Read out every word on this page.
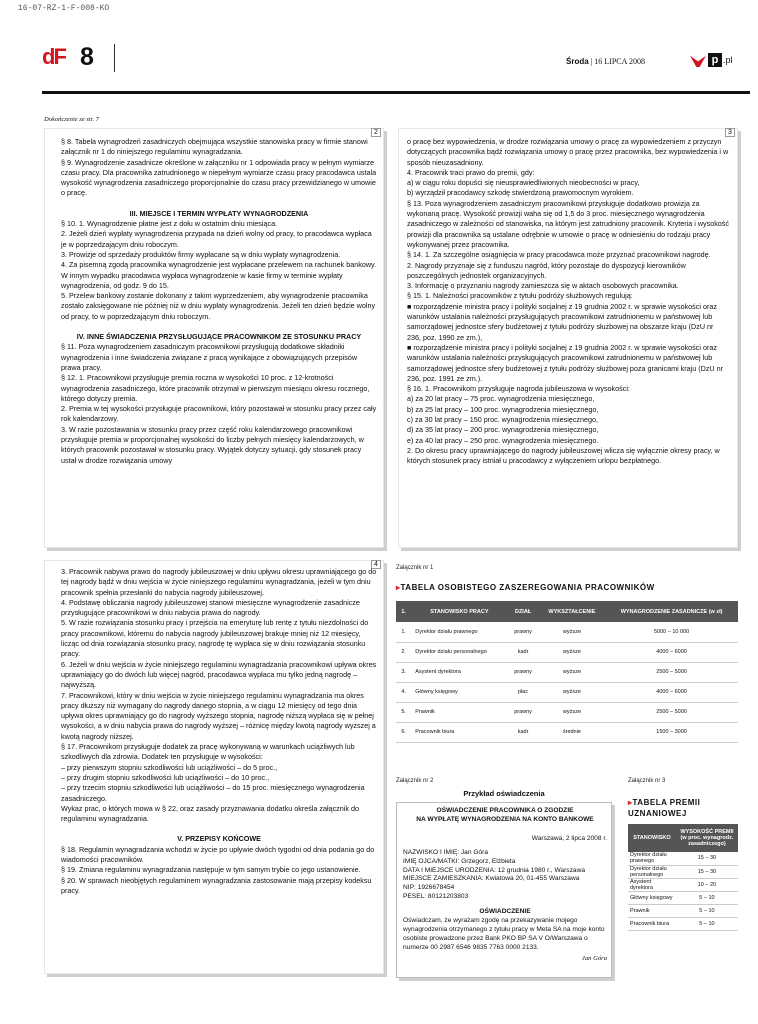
16-07-RZ-1-F-008-KO
dF 8	Środa | 16 LIPCA 2008	p .pl
Dokończenie ze str. 7
2

§ 8. Tabela wynagrodzeń zasadniczych obejmująca wszystkie stanowiska pracy w firmie stanowi załącznik nr 1 do niniejszego regulaminu wynagradzania.

§ 9. Wynagrodzenie zasadnicze określone w załączniku nr 1 odpowiada pracy w pełnym wymiarze czasu pracy. Dla pracownika zatrudnionego w niepełnym wymiarze czasu pracy pracodawca ustala wysokość wynagrodzenia zasadniczego proporcjonalnie do czasu pracy przewidzianego w umowie o pracę.

III. MIEJSCE I TERMIN WYPŁATY WYNAGRODZENIA

§ 10. 1. Wynagrodzenie płatne jest z dołu w ostatnim dniu miesiąca.

2. Jeżeli dzień wypłaty wynagrodzenia przypada na dzień wolny od pracy, to pracodawca wypłaca je w poprzedzającym dniu roboczym.

3. Prowizje od sprzedaży produktów firmy wypłacane są w dniu wypłaty wynagrodzenia.

4. Za pisemną zgodą pracownika wynagrodzenie jest wypłacane przelewem na rachunek bankowy. W innym wypadku pracodawca wypłaca wynagrodzenie w kasie firmy w terminie wypłaty wynagrodzenia, od godz. 9 do 15.

5. Przelew bankowy zostanie dokonany z takim wyprzedzeniem, aby wynagrodzenie pracownika zostało zaksięgowane nie później niż w dniu wypłaty wynagrodzenia. Jeżeli ten dzień będzie wolny od pracy, to w poprzedzającym dniu roboczym.

IV. INNE ŚWIADCZENIA PRZYSŁUGUJĄCE PRACOWNIKOM ZE STOSUNKU PRACY

§ 11. Poza wynagrodzeniem zasadniczym pracownikowi przysługują dodatkowe składniki wynagrodzenia i inne świadczenia związane z pracą wynikające z obowiązujących przepisów prawa pracy.

§ 12. 1. Pracownikowi przysługuje premia roczna w wysokości 10 proc. z 12-krotności wynagrodzenia zasadniczego, które pracownik otrzymał w pierwszym miesiącu okresu rocznego, którego dotyczy premia.

2. Premia w tej wysokości przysługuje pracownikowi, który pozostawał w stosunku pracy przez cały rok kalendarzowy.

3. W razie pozostawania w stosunku pracy przez część roku kalendarzowego pracownikowi przysługuje premia w proporcjonalnej wysokości do liczby pełnych miesięcy kalendarzowych, w których pracownik pozostawał w stosunku pracy. Wyjątek dotyczy sytuacji, gdy stosunek pracy ustał w drodze rozwiązania umowy

3

o pracę bez wypowiedzenia, w drodze rozwiązania umowy o pracę za wypowiedzeniem z przyczyn dotyczących pracownika bądź rozwiązania umowy o pracę przez pracownika, bez wypowiedzenia i w sposób nieuzasadniony.

4. Pracownik traci prawo do premii, gdy:

a) w ciągu roku dopuści się nieusprawiedliwionych nieobecności w pracy,

b) wyrządził pracodawcy szkodę stwierdzoną prawomocnym wyrokiem.

§ 13. Poza wynagrodzeniem zasadniczym pracownikowi przysługuje dodatkowo prowizja za wykonaną pracę. Wysokość prowizji waha się od 1,5 do 3 proc. miesięcznego wynagrodzenia zasadniczego w zależności od stanowiska, na którym jest zatrudniony pracownik. Kryteria i wysokość prowizji dla pracownika są ustalane odrębnie w umowie o pracę w odniesieniu do rodzaju pracy wykonywanej przez pracownika.

§ 14. 1. Za szczególne osiągnięcia w pracy pracodawca może przyznać pracownikowi nagrodę.

2. Nagrody przyznaje się z funduszu nagród, który pozostaje do dyspozycji kierowników poszczególnych jednostek organizacyjnych.

3. Informację o przyznaniu nagrody zamieszcza się w aktach osobowych pracownika.

§ 15. 1. Należności pracowników z tytułu podróży służbowych regulują:

■ rozporządzenie ministra pracy i polityki socjalnej z 19 grudnia 2002 r. w sprawie wysokości oraz warunków ustalania należności przysługujących pracownikowi zatrudnionemu w państwowej lub samorządowej jednostce sfery budżetowej z tytułu podróży służbowej na obszarze kraju (DzU nr 236, poz. 1990 ze zm.),

■ rozporządzenie ministra pracy i polityki socjalnej z 19 grudnia 2002 r. w sprawie wysokości oraz warunków ustalania należności przysługujących pracownikowi zatrudnionemu w państwowej lub samorządowej jednostce sfery budżetowej z tytułu podróży służbowej poza granicami kraju (DzU nr 236, poz. 1991 ze zm.).

§ 16. 1. Pracownikom przysługuje nagroda jubileuszowa w wysokości:

a) za 20 lat pracy – 75 proc. wynagrodzenia miesięcznego,

b) za 25 lat pracy – 100 proc. wynagrodzenia miesięcznego,

c) za 30 lat pracy – 150 proc. wynagrodzenia miesięcznego,

d) za 35 lat pracy – 200 proc. wynagrodzenia miesięcznego,

e) za 40 lat pracy – 250 proc. wynagrodzenia miesięcznego.

2. Do okresu pracy uprawniającego do nagrody jubileuszowej wlicza się wyłącznie okresy pracy, w których stosunek pracy istniał u pracodawcy z wyłączeniem urlopu bezpłatnego.

4

3. Pracownik nabywa prawo do nagrody jubileuszowej w dniu upływu okresu uprawniającego go do tej nagrody bądź w dniu wejścia w życie niniejszego regulaminu wynagradzania, jeżeli w tym dniu pracownik spełnia przesłanki do nabycia nagrody jubileuszowej.

4. Podstawę obliczania nagrody jubileuszowej stanowi miesięczne wynagrodzenie zasadnicze przysługujące pracownikowi w dniu nabycia prawa do nagrody.

5. W razie rozwiązania stosunku pracy i przejścia na emeryturę lub rentę z tytułu niezdolności do pracy pracownikowi, któremu do nabycia nagrody jubileuszowej brakuje mniej niż 12 miesięcy, licząc od dnia rozwiązania stosunku pracy, nagrodę tę wypłaca się w dniu rozwiązania stosunku pracy.

6. Jeżeli w dniu wejścia w życie niniejszego regulaminu wynagradzania pracownikowi upływa okres uprawniający go do dwóch lub więcej nagród, pracodawca wypłaca mu tylko jedną nagrodę – najwyższą.

7. Pracownikowi, który w dniu wejścia w życie niniejszego regulaminu wynagradzania ma okres pracy dłuższy niż wymagany do nagrody danego stopnia, a w ciągu 12 miesięcy od tego dnia upływa okres uprawniający go do nagrody wyższego stopnia, nagrodę niższą wypłaca się w pełnej wysokości, a w dniu nabycia prawa do nagrody wyższej – różnicę między kwotą nagrody wyższej a kwotą nagrody niższej.

§ 17. Pracownikom przysługuje dodatek za pracę wykonywaną w warunkach uciążliwych lub szkodliwych dla zdrowia. Dodatek ten przysługuje w wysokości:

– przy pierwszym stopniu szkodliwości lub uciążliwości – do 5 proc.,

– przy drugim stopniu szkodliwości lub uciążliwości – do 10 proc.,

– przy trzecim stopniu szkodliwości lub uciążliwości – do 15 proc. miesięcznego wynagrodzenia zasadniczego.

Wykaz prac, o których mowa w § 22, oraz zasady przyznawania dodatku określa załącznik do regulaminu wynagradzania.

V. PRZEPISY KOŃCOWE

§ 18. Regulamin wynagradzania wchodzi w życie po upływie dwóch tygodni od dnia podania go do wiadomości pracowników.

§ 19. Zmiana regulaminu wynagradzania następuje w tym samym trybie co jego ustanowienie.

§ 20. W sprawach nieobjętych regulaminem wynagradzania zastosowanie mają przepisy kodeksu pracy.

Załącznik nr 1
▸TABELA OSOBISTEGO ZASZEREGOWANIA PRACOWNIKÓW
1.	STANOWISKO PRACY	DZIAŁ	WYKSZTAŁCENIE	WYNAGRODZENIE ZASADNICZE (w zł)
1.	Dyrektor działu prawnego	prawny	wyższe	5000 – 10 000
2.	Dyrektor działu personalnego	kadr	wyższe	4000 – 6000
3.	Asystent dyrektora	prawny	wyższe	2500 – 5000
4.	Główny księgowy	płac	wyższe	4000 – 6000
5.	Prawnik	prawny	wyższe	2500 – 5000
6.	Pracownik biura	kadr	średnie	1500 – 3000
Załącznik nr 2
Przykład oświadczenia
OŚWIADCZENIE PRACOWNIKA O ZGODZIE
NA WYPŁATĘ WYNAGRODZENIA NA KONTO BANKOWE
Warszawa, 2 lipca 2008 r.
NAZWISKO I IMIĘ: Jan Góra
IMIĘ OJCA/MATKI: Grzegorz, Elżbieta
DATA I MIEJSCE URODZENIA: 12 grudnia 1980 r., Warszawa
MIEJSCE ZAMIESZKANIA: Kwiatowa 20, 01-455 Warszawa
NIP: 1926678454
PESEL: 80121203803
OŚWIADCZENIE
Oświadczam, że wyrażam zgodę na przekazywanie mojego wynagrodzenia otrzymanego z tytułu pracy w Meta SA na moje konto osobiste prowadzone przez Bank PKO BP SA V O/Warszawa o numerze 00 2987 6546 9835 7763 0000 2133.
Jan Góra
Załącznik nr 3
▸TABELA PREMII UZNANIOWEJ
STANOWISKO	WYSOKOŚĆ PREMII (w proc. wynagrodz. zasadniczego)
Dyrektor działu prawnego	15 – 30
Dyrektor działu personalnego	15 – 30
Asystent dyrektora	10 – 20
Główny księgowy	5 – 10
Prawnik	5 – 10
Pracownik biura	5 – 10
